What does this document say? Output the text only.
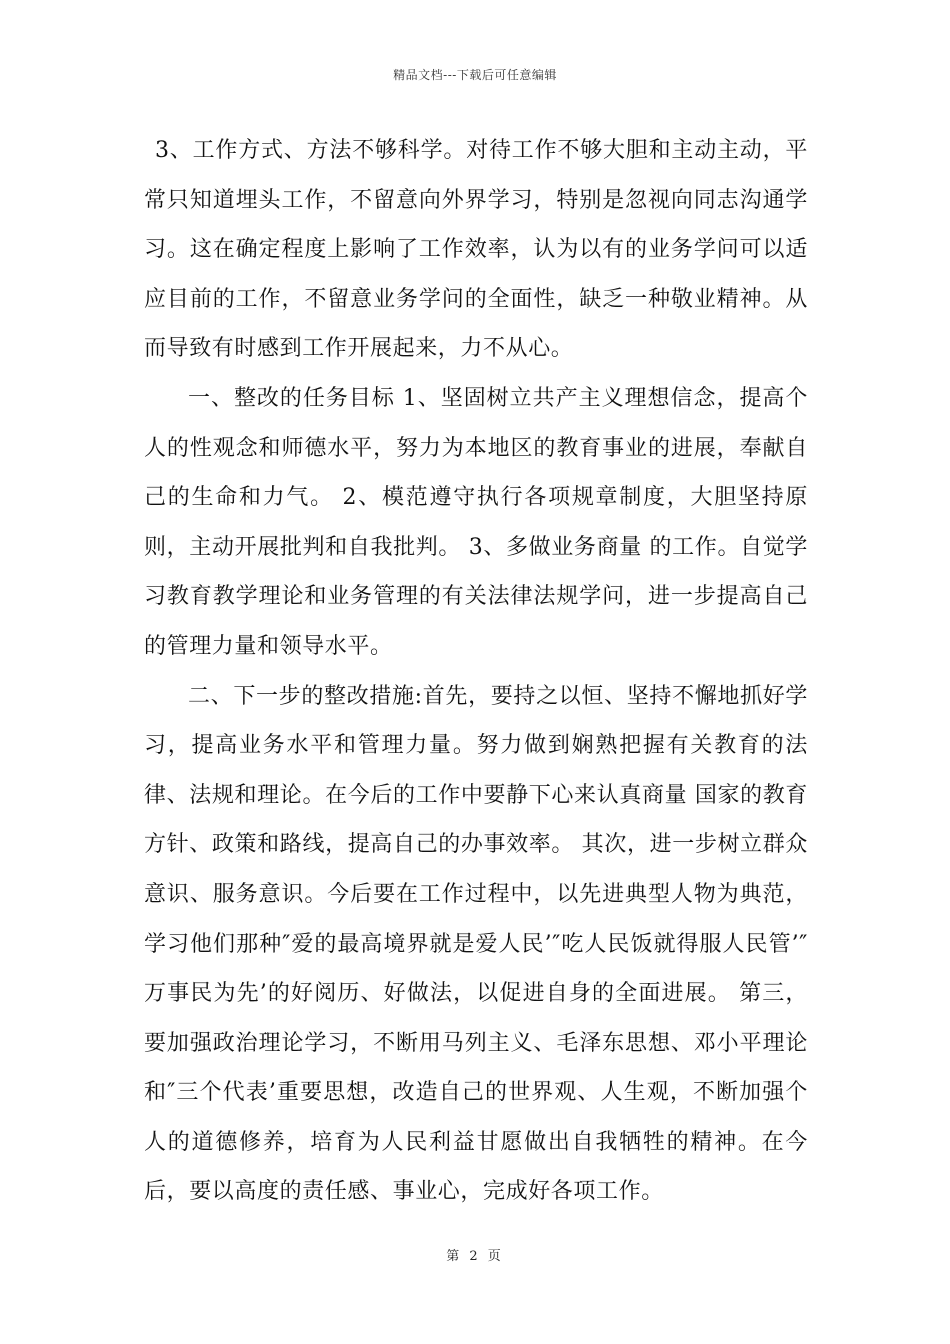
精品文档---下载后可任意编辑

3、工作方式、方法不够科学。对待工作不够大胆和主动主动，平常只知道埋头工作，不留意向外界学习，特别是忽视向同志沟通学习。这在确定程度上影响了工作效率，认为以有的业务学问可以适应目前的工作，不留意业务学问的全面性，缺乏一种敬业精神。从而导致有时感到工作开展起来，力不从心。

一、整改的任务目标 1、坚固树立共产主义理想信念，提高个人的性观念和师德水平，努力为本地区的教育事业的进展，奉献自己的生命和力气。 2、模范遵守执行各项规章制度，大胆坚持原则，主动开展批判和自我批判。 3、多做业务商量 的工作。自觉学习教育教学理论和业务管理的有关法律法规学问，进一步提高自己的管理力量和领导水平。

二、下一步的整改措施:首先，要持之以恒、坚持不懈地抓好学习，提高业务水平和管理力量。努力做到娴熟把握有关教育的法律、法规和理论。在今后的工作中要静下心来认真商量 国家的教育方针、政策和路线，提高自己的办事效率。 其次，进一步树立群众意识、服务意识。今后要在工作过程中，以先进典型人物为典范，学习他们那种″爱的最高境界就是爱人民’″吃人民饭就得服人民管’″万事民为先’的好阅历、好做法，以促进自身的全面进展。 第三，要加强政治理论学习，不断用马列主义、毛泽东思想、邓小平理论和″三个代表’重要思想，改造自己的世界观、人生观，不断加强个人的道德修养，培育为人民利益甘愿做出自我牺牲的精神。在今后，要以高度的责任感、事业心，完成好各项工作。

第 2 页
